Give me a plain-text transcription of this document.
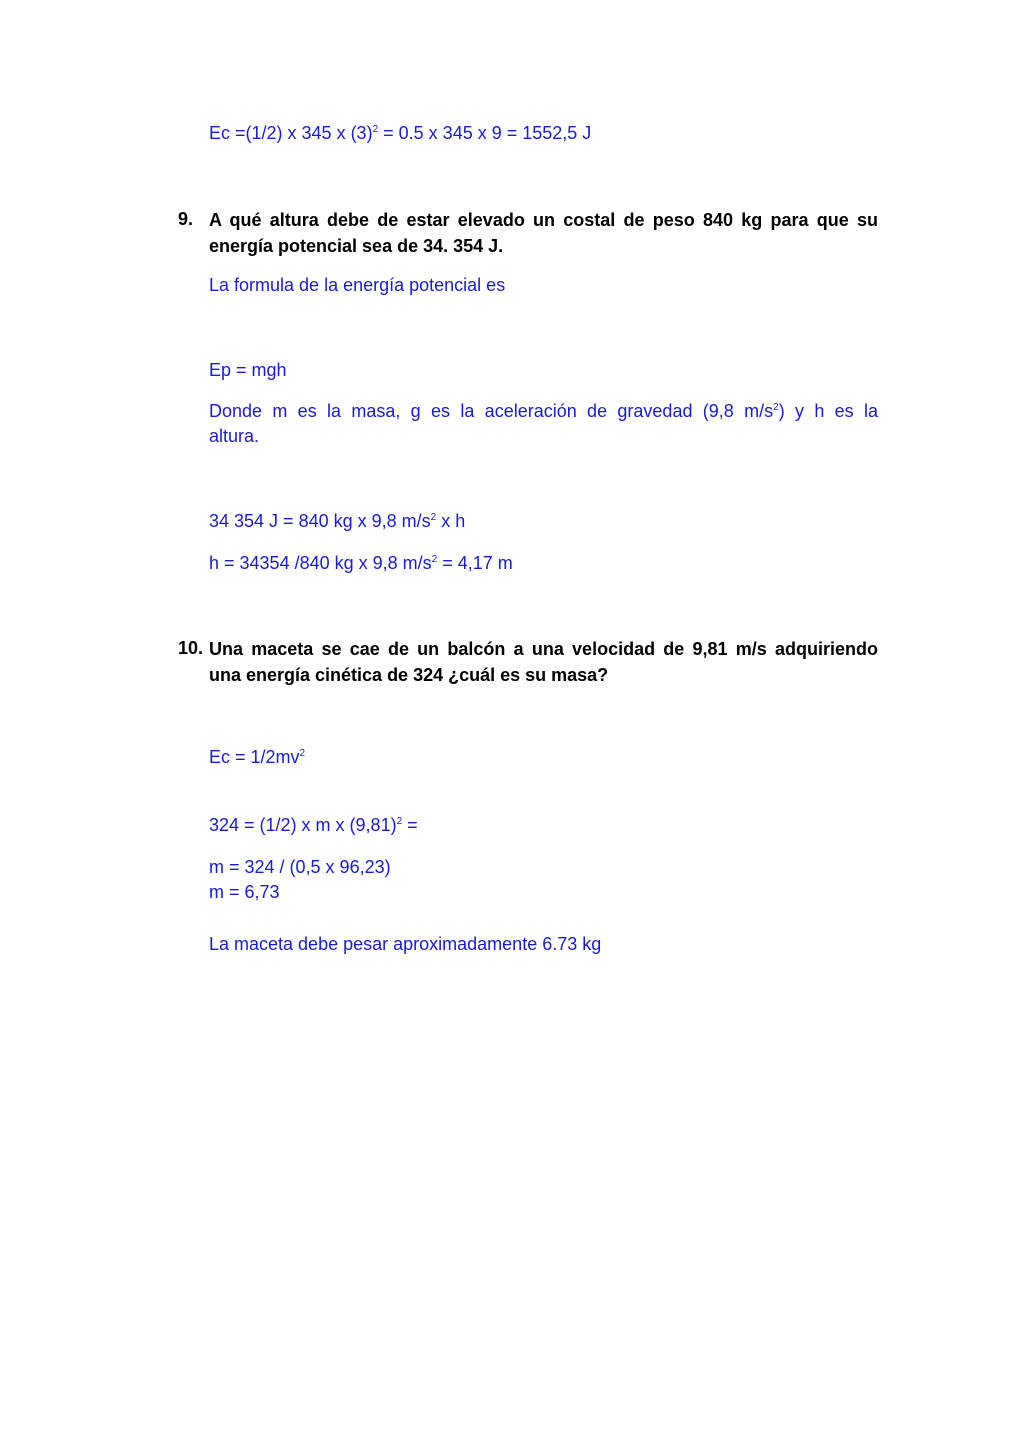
Ec =(1/2) x 345 x $(3)^2 = 0.5$ x 345 x 9 = 1552,5 J
9. A qué altura debe de estar elevado un costal de peso 840 kg para que su
energía potencial sea de 34. 354 J.
La formula de la energía potencial es
Ep = mgh
Donde m es la masa, g es la aceleración de gravedad (9,8 $m/s^2$) y h es la
altura.
34 354 J = 840 kg x 9,8 $m/s^2$ x h
h = 34354 /840 kg x 9,8 $m/s^2 = 4,17$ m
10. Una maceta se cae de un balcón a una velocidad de 9,81 m/s adquiriendo
una energía cinética de 324 ¿cuál es su masa?
$Ec = 1/2mv^2$
324 = (1/2) x m x $(9,81)^2$ =
m = 324 / (0,5 x 96,23)
m = 6,73
La maceta debe pesar aproximadamente 6.73 kg
